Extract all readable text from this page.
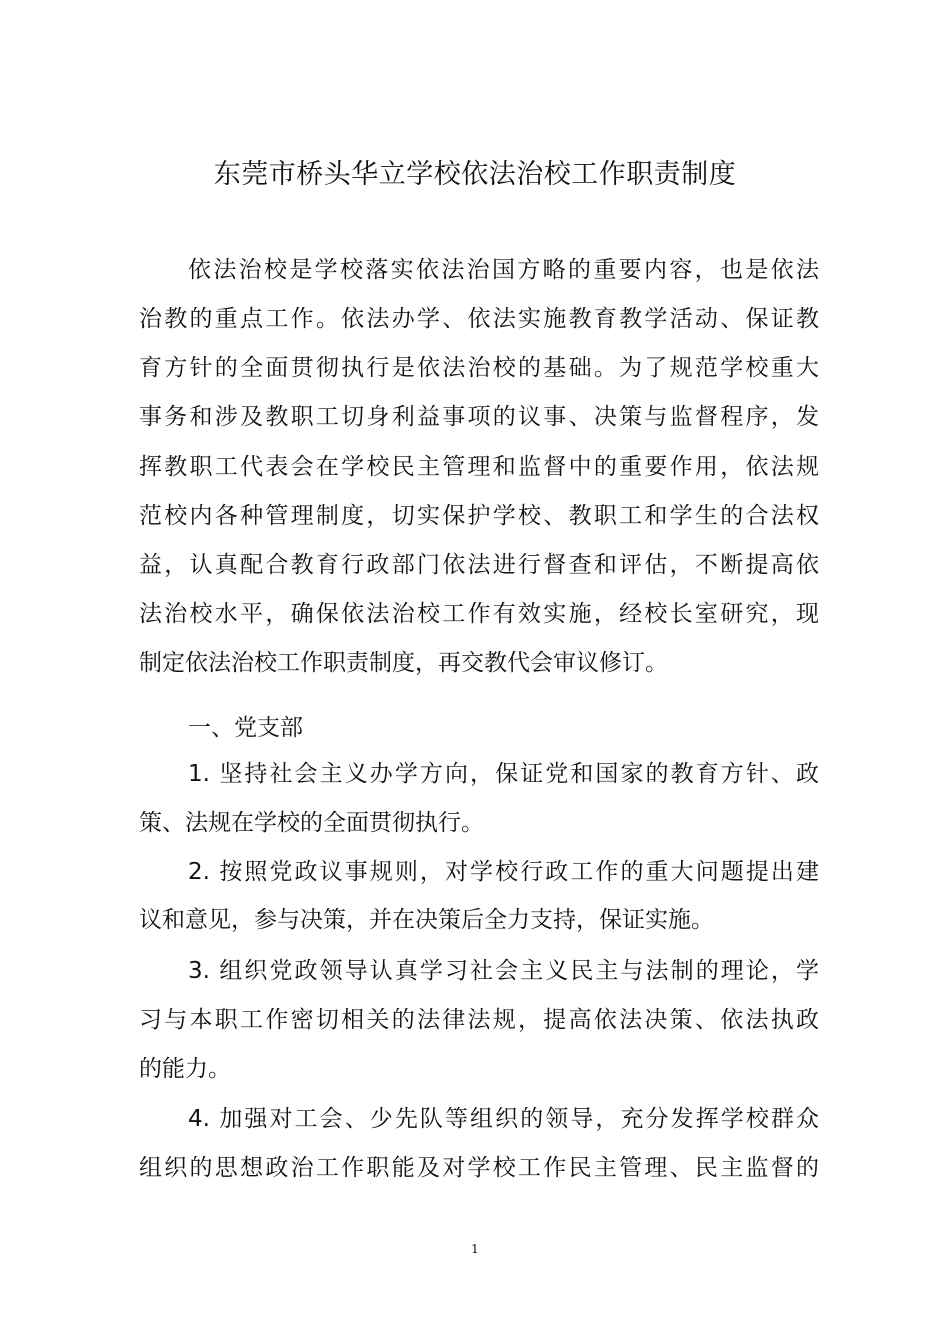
东莞市桥头华立学校依法治校工作职责制度
依法治校是学校落实依法治国方略的重要内容，也是依法
治教的重点工作。依法办学、依法实施教育教学活动、保证教
育方针的全面贯彻执行是依法治校的基础。为了规范学校重大
事务和涉及教职工切身利益事项的议事、决策与监督程序，发
挥教职工代表会在学校民主管理和监督中的重要作用，依法规
范校内各种管理制度，切实保护学校、教职工和学生的合法权
益，认真配合教育行政部门依法进行督查和评估，不断提高依
法治校水平，确保依法治校工作有效实施，经校长室研究，现
制定依法治校工作职责制度，再交教代会审议修订。
一、党支部
1. 坚持社会主义办学方向，保证党和国家的教育方针、政
策、法规在学校的全面贯彻执行。
2. 按照党政议事规则，对学校行政工作的重大问题提出建
议和意见，参与决策，并在决策后全力支持，保证实施。
3. 组织党政领导认真学习社会主义民主与法制的理论，学
习与本职工作密切相关的法律法规，提高依法决策、依法执政
的能力。
4. 加强对工会、少先队等组织的领导，充分发挥学校群众
组织的思想政治工作职能及对学校工作民主管理、民主监督的
1
